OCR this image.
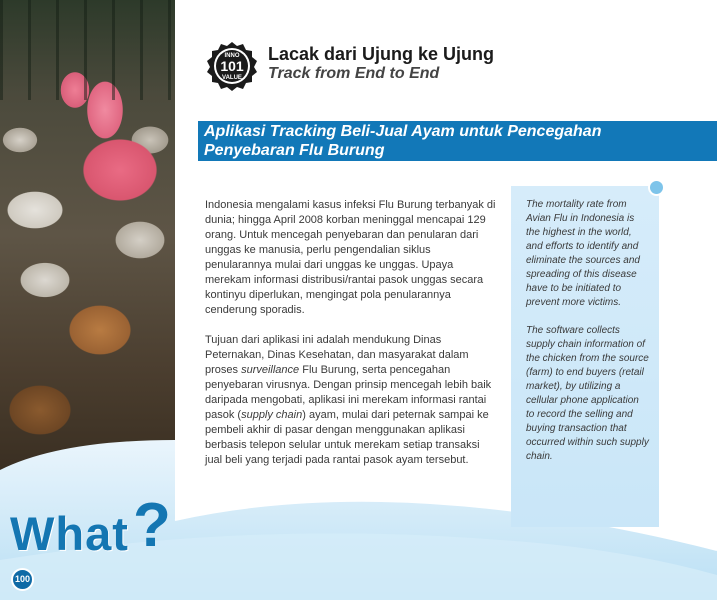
INNO
101
VALUE
Lacak dari Ujung ke Ujung
Track from End to End
Aplikasi Tracking Beli-Jual Ayam untuk Pencegahan
Penyebaran Flu Burung

Indonesia mengalami kasus infeksi Flu Burung terbanyak di dunia; hingga April 2008 korban meninggal mencapai 129 orang. Untuk mencegah penyebaran dan penularan dari unggas ke manusia, perlu pengendalian siklus penularannya mulai dari unggas ke unggas. Upaya merekam informasi distribusi/rantai pasok unggas secara kontinyu diperlukan, mengingat pola penularannya cenderung sporadis.

Tujuan dari aplikasi ini adalah mendukung Dinas Peternakan, Dinas Kesehatan, dan masyarakat dalam proses surveillance Flu Burung, serta pencegahan penyebaran virusnya. Dengan prinsip mencegah lebih baik daripada mengobati, aplikasi ini merekam informasi rantai pasok (supply chain) ayam, mulai dari peternak sampai ke pembeli akhir di pasar dengan menggunakan aplikasi berbasis telepon selular untuk merekam setiap transaksi jual beli yang terjadi pada rantai pasok ayam tersebut.

The mortality rate from Avian Flu in Indonesia is the highest in the world, and efforts to identify and eliminate the sources and spreading of this disease have to be initiated to prevent more victims.

The software collects supply chain information of the chicken from the source (farm) to end buyers (retail market), by utilizing a cellular phone application to record the selling and buying transaction that occurred within such supply chain.

What ?
100
